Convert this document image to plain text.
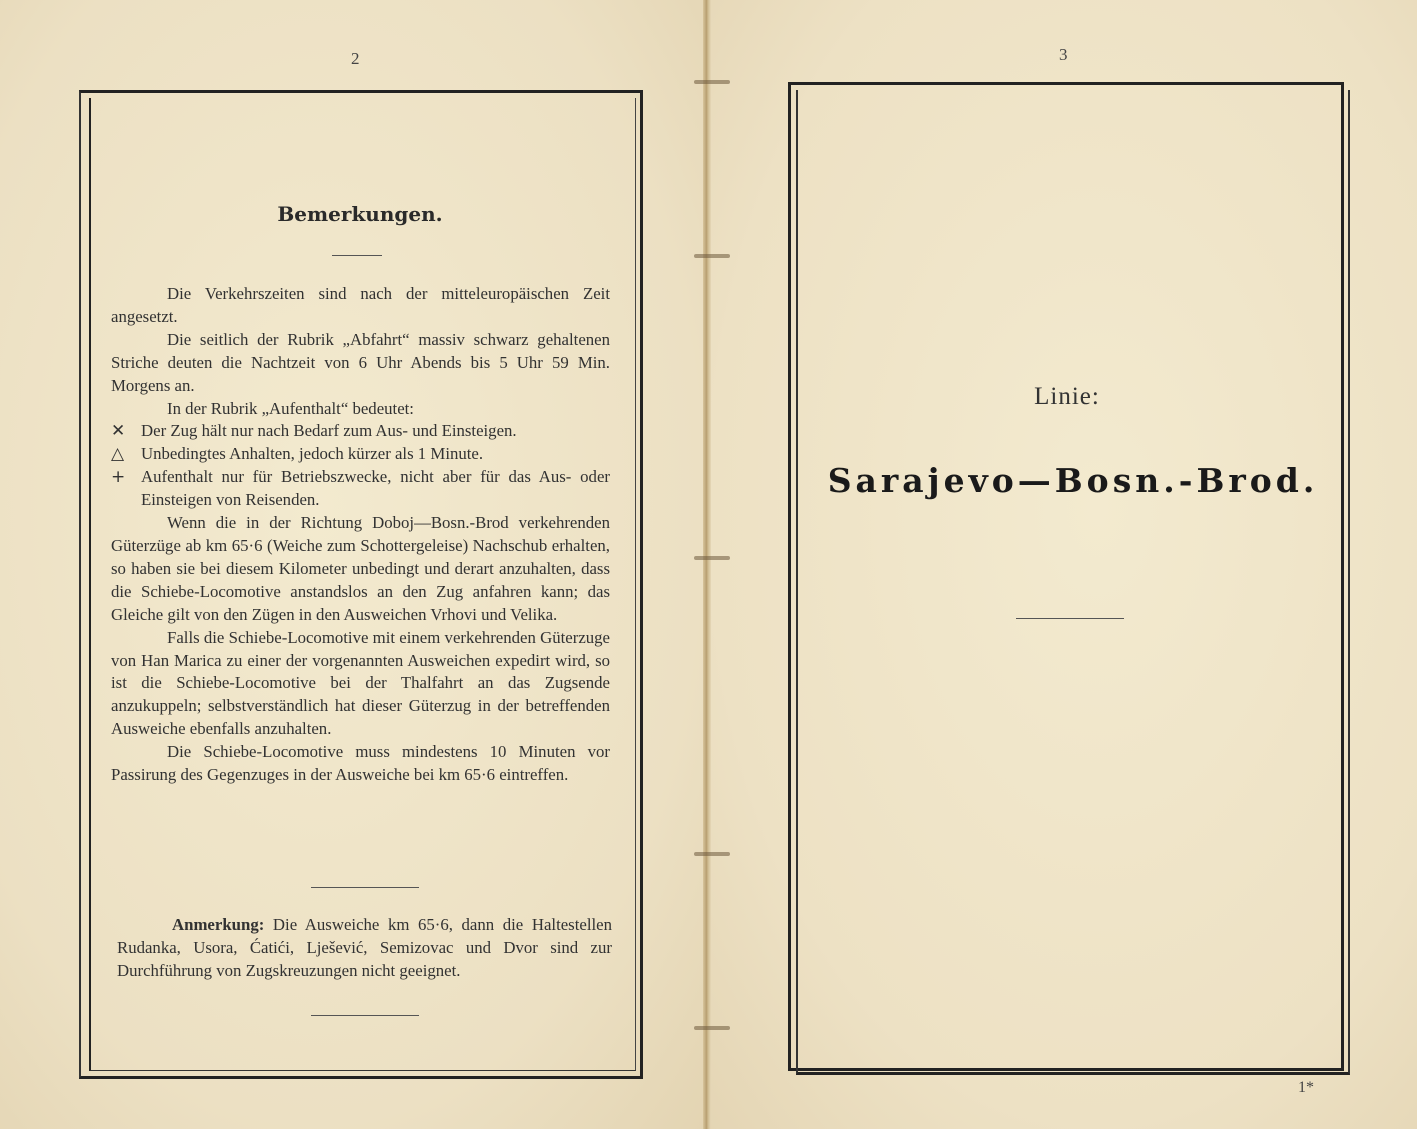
2
Bemerkungen.

Die Verkehrszeiten sind nach der mitteleuropäischen Zeit angesetzt.

Die seitlich der Rubrik „Abfahrt“ massiv schwarz gehaltenen Striche deuten die Nachtzeit von 6 Uhr Abends bis 5 Uhr 59 Min. Morgens an.

In der Rubrik „Aufenthalt“ bedeutet:

✕ Der Zug hält nur nach Bedarf zum Aus- und Einsteigen.

△ Unbedingtes Anhalten, jedoch kürzer als 1 Minute.

+ Aufenthalt nur für Betriebszwecke, nicht aber für das Aus- oder Einsteigen von Reisenden.

Wenn die in der Richtung Doboj—Bosn.-Brod verkehrenden Güterzüge ab km 65·6 (Weiche zum Schottergeleise) Nachschub erhalten, so haben sie bei diesem Kilometer unbedingt und derart anzuhalten, dass die Schiebe-Locomotive anstandslos an den Zug anfahren kann; das Gleiche gilt von den Zügen in den Ausweichen Vrhovi und Velika.

Falls die Schiebe-Locomotive mit einem verkehrenden Güterzuge von Han Marica zu einer der vorgenannten Ausweichen expedirt wird, so ist die Schiebe-Locomotive bei der Thalfahrt an das Zugsende anzukuppeln; selbstverständlich hat dieser Güterzug in der betreffenden Ausweiche ebenfalls anzuhalten.

Die Schiebe-Locomotive muss mindestens 10 Minuten vor Passirung des Gegenzuges in der Ausweiche bei km 65·6 eintreffen.

Anmerkung: Die Ausweiche km 65·6, dann die Haltestellen Rudanka, Usora, Ćatići, Lješević, Semizovac und Dvor sind zur Durchführung von Zugskreuzungen nicht geeignet.

3
Linie:
Sarajevo—Bosn.-Brod.
1*
